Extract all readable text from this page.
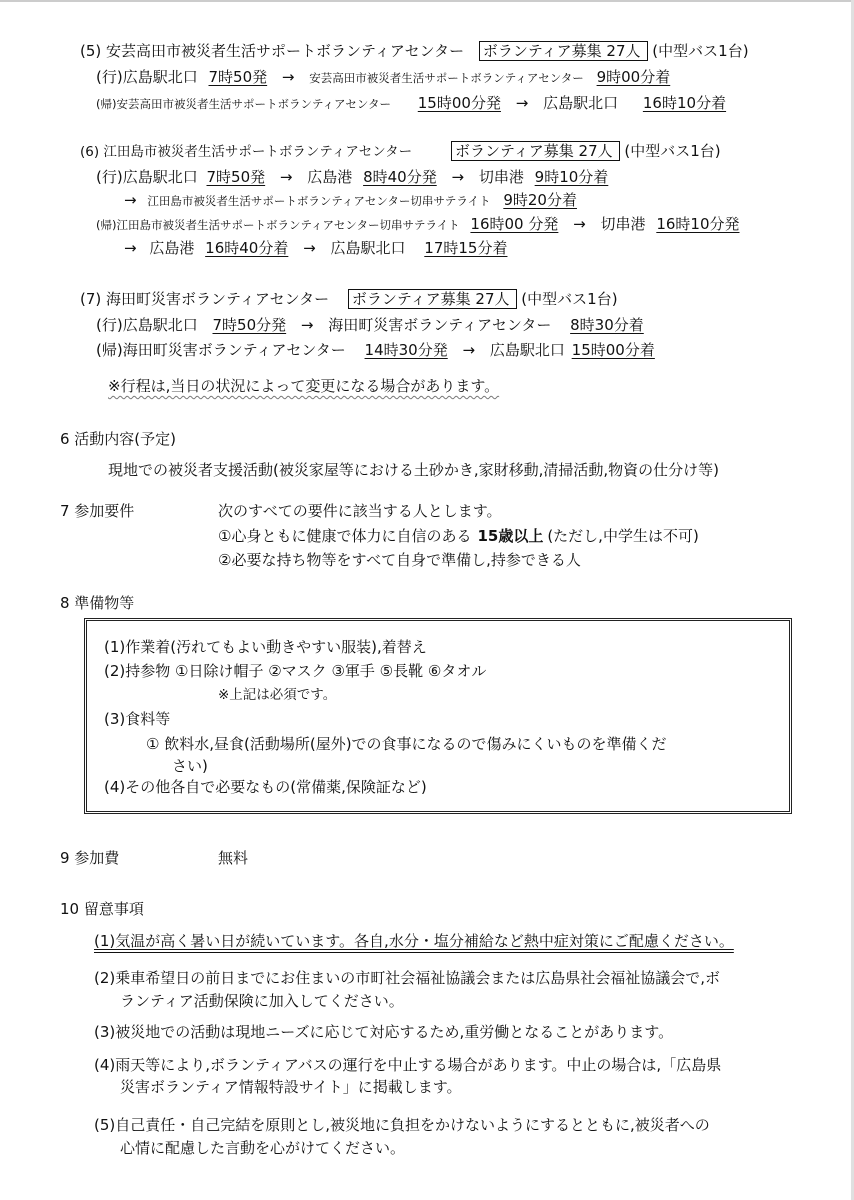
(5) 安芸高田市被災者生活サポートボランティアセンター ボランティア募集 27人 (中型バス1台)
(行)広島駅北口 7時50発 → 安芸高田市被災者生活サポートボランティアセンター 9時00分着
(帰)安芸高田市被災者生活サポートボランティアセンター 15時00分発 → 広島駅北口 16時10分着
(6) 江田島市被災者生活サポートボランティアセンター	ボランティア募集 27人 (中型バス1台)
(行)広島駅北口 7時50発 → 広島港 8時40分発 → 切串港 9時10分着
→ 江田島市被災者生活サポートボランティアセンター切串サテライト 9時20分着
(帰)江田島市被災者生活サポートボランティアセンター切串サテライト 16時00 分発 → 切串港 16時10分発
→ 広島港 16時40分着 → 広島駅北口 17時15分着
(7) 海田町災害ボランティアセンター ボランティア募集 27人 (中型バス1台)
(行)広島駅北口 7時50分発 → 海田町災害ボランティアセンター 8時30分着
(帰)海田町災害ボランティアセンター 14時30分発 → 広島駅北口 15時00分着
※行程は,当日の状況によって変更になる場合があります。
6 活動内容(予定)
現地での被災者支援活動(被災家屋等における土砂かき,家財移動,清掃活動,物資の仕分け等)
7 参加要件	次のすべての要件に該当する人とします。
①心身ともに健康で体力に自信のある 15歳以上 (ただし,中学生は不可)
②必要な持ち物等をすべて自身で準備し,持参できる人
8 準備物等
(1)作業着(汚れてもよい動きやすい服装),着替え
(2)持参物 ①日除け帽子 ②マスク ③軍手 ⑤長靴 ⑥タオル
※上記は必須です。
(3)食料等
① 飲料水,昼食(活動場所(屋外)での食事になるので傷みにくいものを準備くだ
さい)
(4)その他各自で必要なもの(常備薬,保険証など)
9 参加費	無料
10 留意事項
(1)気温が高く暑い日が続いています。各自,水分・塩分補給など熱中症対策にご配慮ください。
(2)乗車希望日の前日までにお住まいの市町社会福祉協議会または広島県社会福祉協議会で,ボ
ランティア活動保険に加入してください。
(3)被災地での活動は現地ニーズに応じて対応するため,重労働となることがあります。
(4)雨天等により,ボランティアバスの運行を中止する場合があります。中止の場合は,「広島県
災害ボランティア情報特設サイト」に掲載します。
(5)自己責任・自己完結を原則とし,被災地に負担をかけないようにするとともに,被災者への
心情に配慮した言動を心がけてください。
